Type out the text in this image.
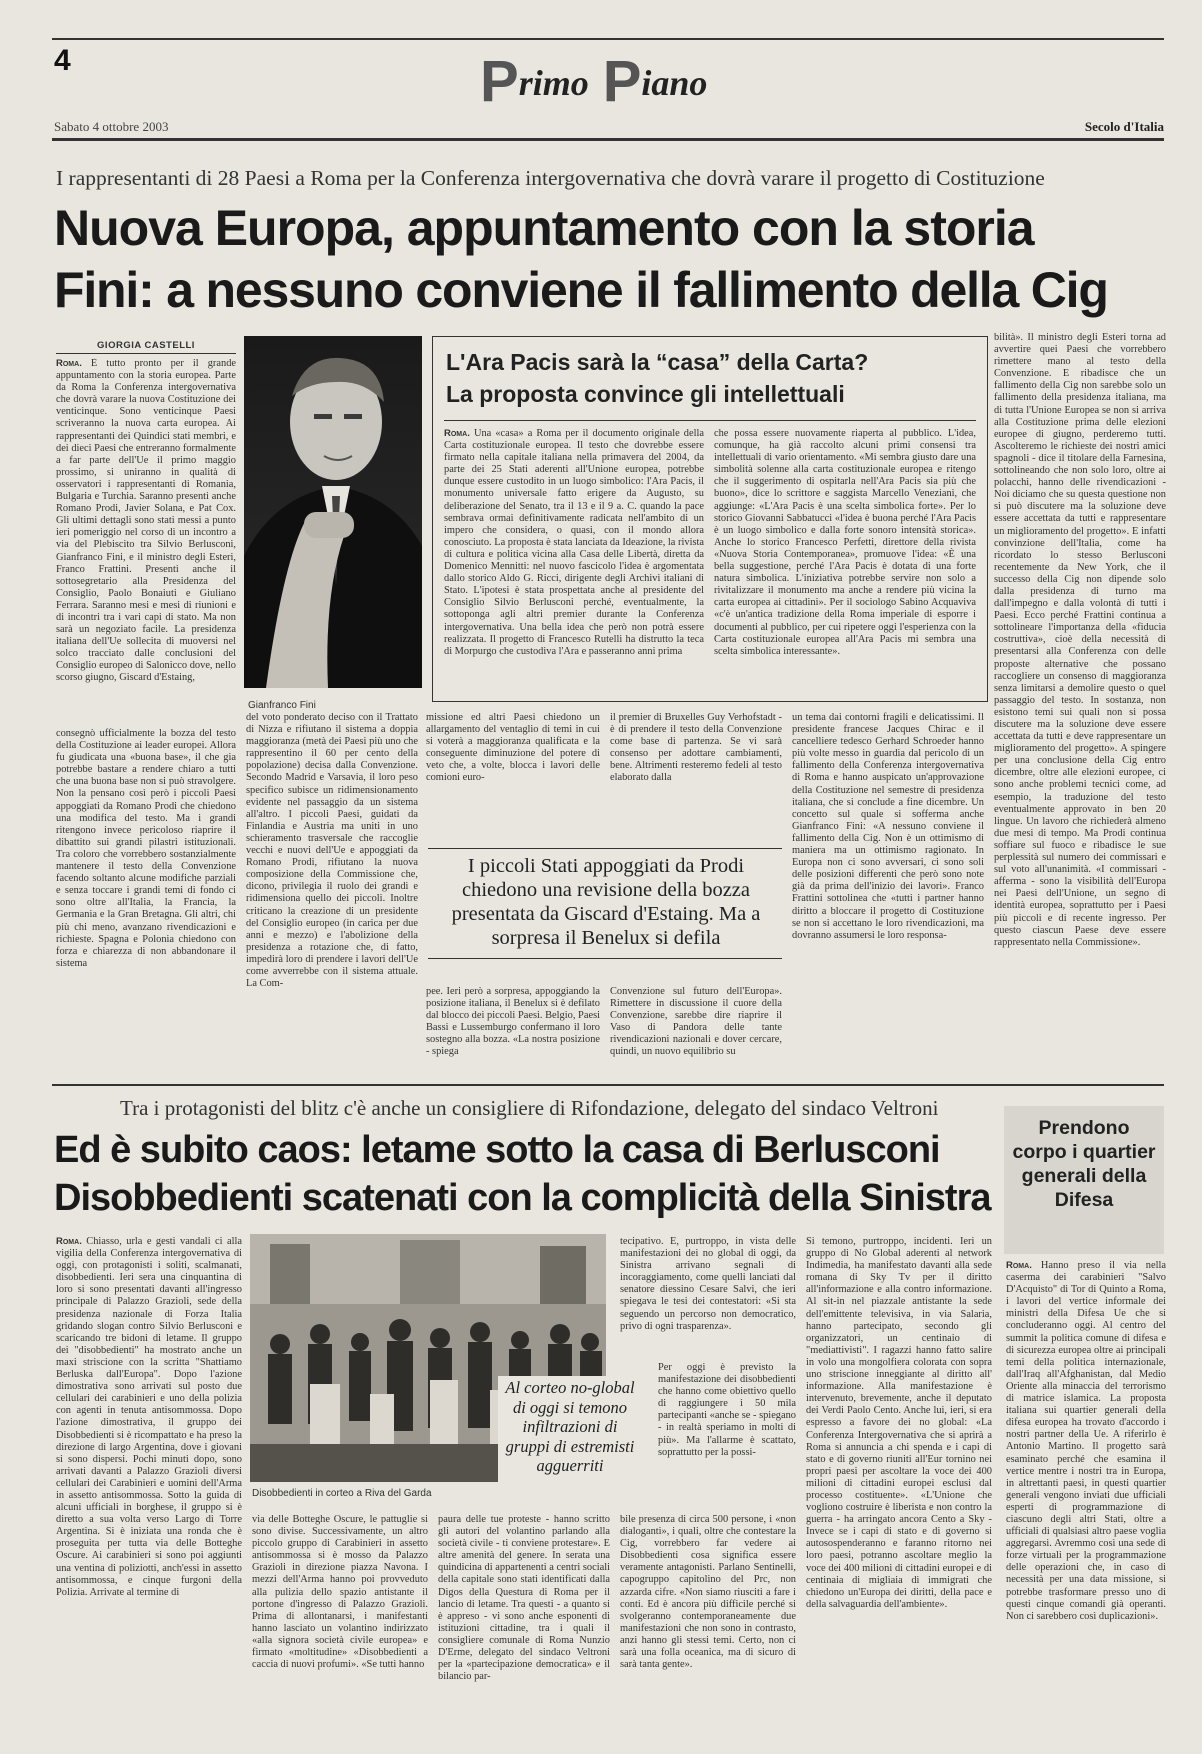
4	Primo Piano
Sabato 4 ottobre 2003	Secolo d'Italia
I rappresentanti di 28 Paesi a Roma per la Conferenza intergovernativa che dovrà varare il progetto di Costituzione
Nuova Europa, appuntamento con la storia
Fini: a nessuno conviene il fallimento della Cig
GIORGIA CASTELLI

Roma. È tutto pronto per il grande appuntamento con la storia europea. Parte da Roma la Conferenza intergovernativa che dovrà varare la nuova Costituzione dei venticinque. Sono venticinque Paesi scriveranno la nuova carta europea. Ai rappresentanti dei Quindici stati membri, e dei dieci Paesi che entreranno formalmente a far parte dell'Ue il primo maggio prossimo, si uniranno in qualità di osservatori i rappresentanti di Romania, Bulgaria e Turchia. Saranno presenti anche Romano Prodi, Javier Solana, e Pat Cox. Gli ultimi dettagli sono stati messi a punto ieri pomeriggio nel corso di un incontro a via del Plebiscito tra Silvio Berlusconi, Gianfranco Fini, e il ministro degli Esteri, Franco Frattini. Presenti anche il sottosegretario alla Presidenza del Consiglio, Paolo Bonaiuti e Giuliano Ferrara. Saranno mesi e mesi di riunioni e di incontri tra i vari capi di stato. Ma non sarà un negoziato facile. La presidenza italiana dell'Ue sollecita di muoversi nel solco tracciato dalle conclusioni del Consiglio europeo di Salonicco dove, nello scorso giugno, Giscard d'Estaing,

Gianfranco Fini

consegnò ufficialmente la bozza del testo della Costituzione ai leader europei. Allora fu giudicata una «buona base», il che gia potrebbe bastare a rendere chiaro a tutti che una buona base non si può stravolgere. Non la pensano così però i piccoli Paesi appoggiati da Romano Prodi che chiedono una modifica del testo. Ma i grandi ritengono invece pericoloso riaprire il dibattito sui grandi pilastri istituzionali. Tra coloro che vorrebbero sostanzialmente mantenere il testo della Convenzione facendo soltanto alcune modifiche parziali e senza toccare i grandi temi di fondo ci sono oltre all'Italia, la Francia, la Germania e la Gran Bretagna. Gli altri, chi più chi meno, avanzano rivendicazioni e richieste. Spagna e Polonia chiedono con forza e chiarezza di non abbandonare il sistema

L'Ara Pacis sarà la “casa” della Carta?
La proposta convince gli intellettuali

Roma. Una «casa» a Roma per il documento originale della Carta costituzionale europea. Il testo che dovrebbe essere firmato nella capitale italiana nella primavera del 2004, da parte dei 25 Stati aderenti all'Unione europea, potrebbe dunque essere custodito in un luogo simbolico: l'Ara Pacis, il monumento universale fatto erigere da Augusto, su deliberazione del Senato, tra il 13 e il 9 a. C. quando la pace sembrava ormai definitivamente radicata nell'ambito di un impero che considera, o quasi, con il mondo allora conosciuto. La proposta è stata lanciata da Ideazione, la rivista di cultura e politica vicina alla Casa delle Libertà, diretta da Domenico Mennitti: nel nuovo fascicolo l'idea è argomentata dallo storico Aldo G. Ricci, dirigente degli Archivi italiani di Stato. L'ipotesi è stata prospettata anche al presidente del Consiglio Silvio Berlusconi perché, eventualmente, la sottoponga agli altri premier durante la Conferenza intergovernativa. Una bella idea che però non potrà essere realizzata. Il progetto di Francesco Rutelli ha distrutto la teca di Morpurgo che custodiva l'Ara e passeranno anni prima

che possa essere nuovamente riaperta al pubblico. L'idea, comunque, ha già raccolto alcuni primi consensi tra intellettuali di vario orientamento. «Mi sembra giusto dare una simbolità solenne alla carta costituzionale europea e ritengo che il suggerimento di ospitarla nell'Ara Pacis sia più che buono», dice lo scrittore e saggista Marcello Veneziani, che aggiunge: «L'Ara Pacis è una scelta simbolica forte». Per lo storico Giovanni Sabbatucci «l'idea è buona perché l'Ara Pacis è un luogo simbolico e dalla forte sonoro intensità storica». Anche lo storico Francesco Perfetti, direttore della rivista «Nuova Storia Contemporanea», promuove l'idea: «È una bella suggestione, perché l'Ara Pacis è dotata di una forte natura simbolica. L'iniziativa potrebbe servire non solo a rivitalizzare il monumento ma anche a rendere più vicina la carta europea ai cittadini». Per il sociologo Sabino Acquaviva «c'è un'antica tradizione della Roma imperiale di esporre i documenti al pubblico, per cui ripetere oggi l'esperienza con la Carta costituzionale europea all'Ara Pacis mi sembra una scelta simbolica interessante».

del voto ponderato deciso con il Trattato di Nizza e rifiutano il sistema a doppia maggioranza (metà dei Paesi più uno che rappresentino il 60 per cento della popolazione) decisa dalla Convenzione. Secondo Madrid e Varsavia, il loro peso specifico subisce un ridimensionamento evidente nel passaggio da un sistema all'altro. I piccoli Paesi, guidati da Finlandia e Austria ma uniti in uno schieramento trasversale che raccoglie vecchi e nuovi dell'Ue e appoggiati da Romano Prodi, rifiutano la nuova composizione della Commissione che, dicono, privilegia il ruolo dei grandi e ridimensiona quello dei piccoli. Inoltre criticano la creazione di un presidente del Consiglio europeo (in carica per due anni e mezzo) e l'abolizione della presidenza a rotazione che, di fatto, impedirà loro di prendere i lavori dell'Ue come avverrebbe con il sistema attuale. La Com-

missione ed altri Paesi chiedono un allargamento del ventaglio di temi in cui si voterà a maggioranza qualificata e la conseguente diminuzione del potere di veto che, a volte, blocca i lavori delle comioni euro-

il premier di Bruxelles Guy Verhofstadt - è di prendere il testo della Convenzione come base di partenza. Se vi sarà consenso per adottare cambiamenti, bene. Altrimenti resteremo fedeli al testo elaborato dalla

I piccoli Stati appoggiati da Prodi chiedono una revisione della bozza presentata da Giscard d'Estaing. Ma a sorpresa il Benelux si defila

pee. Ieri però a sorpresa, appoggiando la posizione italiana, il Benelux si è defilato dal blocco dei piccoli Paesi. Belgio, Paesi Bassi e Lussemburgo confermano il loro sostegno alla bozza. «La nostra posizione - spiega

Convenzione sul futuro dell'Europa». Rimettere in discussione il cuore della Convenzione, sarebbe dire riaprire il Vaso di Pandora delle tante rivendicazioni nazionali e dover cercare, quindi, un nuovo equilibrio su

un tema dai contorni fragili e delicatissimi. Il presidente francese Jacques Chirac e il cancelliere tedesco Gerhard Schroeder hanno più volte messo in guardia dal pericolo di un fallimento della Conferenza intergovernativa di Roma e hanno auspicato un'approvazione della Costituzione nel semestre di presidenza italiana, che si conclude a fine dicembre. Un concetto sul quale si sofferma anche Gianfranco Fini: «A nessuno conviene il fallimento della Cig. Non è un ottimismo di maniera ma un ottimismo ragionato. In Europa non ci sono avversari, ci sono soli delle posizioni differenti che però sono note già da prima dell'inizio dei lavori». Franco Frattini sottolinea che «tutti i partner hanno diritto a bloccare il progetto di Costituzione se non si accettano le loro rivendicazioni, ma dovranno assumersi le loro responsa-

bilità». Il ministro degli Esteri torna ad avvertire quei Paesi che vorrebbero rimettere mano al testo della Convenzione. E ribadisce che un fallimento della Cig non sarebbe solo un fallimento della presidenza italiana, ma di tutta l'Unione Europea se non si arriva alla Costituzione prima delle elezioni europee di giugno, perderemo tutti. Ascolteremo le richieste dei nostri amici spagnoli - dice il titolare della Farnesina, sottolineando che non solo loro, oltre ai polacchi, hanno delle rivendicazioni - Noi diciamo che su questa questione non si può discutere ma la soluzione deve essere accettata da tutti e rappresentare un miglioramento del progetto». E infatti convinzione dell'Italia, come ha ricordato lo stesso Berlusconi recentemente da New York, che il successo della Cig non dipende solo dalla presidenza di turno ma dall'impegno e dalla volontà di tutti i Paesi. Ecco perché Frattini continua a sottolineare l'importanza della «fiducia costruttiva», cioè della necessità di presentarsi alla Conferenza con delle proposte alternative che possano raccogliere un consenso di maggioranza senza limitarsi a demolire questo o quel passaggio del testo. In sostanza, non esistono temi sui quali non si possa discutere ma la soluzione deve essere accettata da tutti e deve rappresentare un miglioramento del progetto». A spingere per una conclusione della Cig entro dicembre, oltre alle elezioni europee, ci sono anche problemi tecnici come, ad esempio, la traduzione del testo eventualmente approvato in ben 20 lingue. Un lavoro che richiederà almeno due mesi di tempo. Ma Prodi continua soffiare sul fuoco e ribadisce le sue perplessità sul numero dei commissari e sul voto all'unanimità. «I commissari - afferma - sono la visibilità dell'Europa nei Paesi dell'Unione, un segno di identità europea, soprattutto per i Paesi più piccoli e di recente ingresso. Per questo ciascun Paese deve essere rappresentato nella Commissione».

Tra i protagonisti del blitz c'è anche un consigliere di Rifondazione, delegato del sindaco Veltroni
Ed è subito caos: letame sotto la casa di Berlusconi
Disobbedienti scatenati con la complicità della Sinistra
Prendono corpo i quartier generali della Difesa

Roma. Chiasso, urla e gesti vandali ci alla vigilia della Conferenza intergovernativa di oggi, con protagonisti i soliti, scalmanati, disobbedienti. Ieri sera una cinquantina di loro si sono presentati davanti all'ingresso principale di Palazzo Grazioli, sede della presidenza nazionale di Forza Italia gridando slogan contro Silvio Berlusconi e scaricando tre bidoni di letame. Il gruppo dei "disobbedienti" ha mostrato anche un maxi striscione con la scritta "Shattiamo Berluska dall'Europa". Dopo l'azione dimostrativa sono arrivati sul posto due cellulari dei carabinieri e uno della polizia con agenti in tenuta antisommossa. Dopo l'azione dimostrativa, il gruppo dei Disobbedienti si è ricompattato e ha preso la direzione di largo Argentina, dove i giovani si sono dispersi. Pochi minuti dopo, sono arrivati davanti a Palazzo Grazioli diversi cellulari dei Carabinieri e uomini dell'Arma in assetto antisommossa. Sotto la guida di alcuni ufficiali in borghese, il gruppo si è diretto a sua volta verso Largo di Torre Argentina. Si è iniziata una ronda che è proseguita per tutta via delle Botteghe Oscure. Ai carabinieri si sono poi aggiunti una ventina di poliziotti, anch'essi in assetto antisommossa, e cinque furgoni della Polizia. Arrivate al termine di

Disobbedienti in corteo a Riva del Garda
Al corteo no-global di oggi si temono infiltrazioni di gruppi di estremisti agguerriti

via delle Botteghe Oscure, le pattuglie si sono divise. Successivamente, un altro piccolo gruppo di Carabinieri in assetto antisommossa si è mosso da Palazzo Grazioli in direzione piazza Navona. I mezzi dell'Arma hanno poi provveduto alla pulizia dello spazio antistante il portone d'ingresso di Palazzo Grazioli. Prima di allontanarsi, i manifestanti hanno lasciato un volantino indirizzato «alla signora società civile europea» e firmato «moltitudine» «Disobbedienti a caccia di nuovi profumi». «Se tutti hanno

paura delle tue proteste - hanno scritto gli autori del volantino parlando alla società civile - ti conviene protestare». E altre amenità del genere. In serata una quindicina di appartenenti a centri sociali della capitale sono stati identificati dalla Digos della Questura di Roma per il lancio di letame. Tra questi - a quanto si è appreso - vi sono anche esponenti di istituzioni cittadine, tra i quali il consigliere comunale di Roma Nunzio D'Erme, delegato del sindaco Veltroni per la «partecipazione democratica» e il bilancio par-

tecipativo. E, purtroppo, in vista delle manifestazioni dei no global di oggi, da Sinistra arrivano segnali di incoraggiamento, come quelli lanciati dal senatore diessino Cesare Salvi, che ieri spiegava le tesi dei contestatori: «Si sta seguendo un percorso non democratico, privo di ogni trasparenza».

Per oggi è previsto la manifestazione dei disobbedienti che hanno come obiettivo quello di raggiungere i 50 mila partecipanti «anche se - spiegano - in realtà speriamo in molti di più». Ma l'allarme è scattato, soprattutto per la possi-

bile presenza di circa 500 persone, i «non dialoganti», i quali, oltre che contestare la Cig, vorrebbero far vedere ai Disobbedienti cosa significa essere veramente antagonisti. Parlano Sentinelli, capogruppo capitolino del Prc, non azzarda cifre. «Non siamo riusciti a fare i conti. Ed è ancora più difficile perché si svolgeranno contemporaneamente due manifestazioni che non sono in contrasto, anzi hanno gli stessi temi. Certo, non ci sarà una folla oceanica, ma di sicuro di sarà tanta gente».

Si temono, purtroppo, incidenti. Ieri un gruppo di No Global aderenti al network Indimedia, ha manifestato davanti alla sede romana di Sky Tv per il diritto all'informazione e alla contro informazione. Al sit-in nel piazzale antistante la sede dell'emittente televisiva, in via Salaria, hanno partecipato, secondo gli organizzatori, un centinaio di "mediattivisti". I ragazzi hanno fatto salire in volo una mongolfiera colorata con sopra uno striscione inneggiante al diritto all' informazione. Alla manifestazione è intervenuto, brevemente, anche il deputato dei Verdi Paolo Cento. Anche lui, ieri, si era espresso a favore dei no global: «La Conferenza Intergovernativa che si aprirà a Roma si annuncia a chi spenda e i capi di stato e di governo riuniti all'Eur tornino nei propri paesi per ascoltare la voce dei 400 milioni di cittadini europei esclusi dal processo costituente». «L'Unione che vogliono costruire è liberista e non contro la guerra - ha arringato ancora Cento a Sky - Invece se i capi di stato e di governo si autosospenderanno e faranno ritorno nei loro paesi, potranno ascoltare meglio la voce dei 400 milioni di cittadini europei e di centinaia di migliaia di immigrati che chiedono un'Europa dei diritti, della pace e della salvaguardia dell'ambiente».

Roma. Hanno preso il via nella caserma dei carabinieri "Salvo D'Acquisto" di Tor di Quinto a Roma, i lavori del vertice informale dei ministri della Difesa Ue che si concluderanno oggi. Al centro del summit la politica comune di difesa e di sicurezza europea oltre ai principali temi della politica internazionale, dall'Iraq all'Afghanistan, dal Medio Oriente alla minaccia del terrorismo di matrice islamica. La proposta italiana sui quartier generali della difesa europea ha trovato d'accordo i nostri partner della Ue. A riferirlo è Antonio Martino. Il progetto sarà esaminato perché che esamina il vertice mentre i nostri tra in Europa, in altrettanti paesi, in questi quartier generali vengono inviati due ufficiali esperti di programmazione di ciascuno degli altri Stati, oltre a ufficiali di qualsiasi altro paese voglia aggregarsi. Avremmo così una sede di forze virtuali per la programmazione delle operazioni che, in caso di necessità per una data missione, si potrebbe trasformare presso uno di questi cinque comandi già operanti. Non ci sarebbero così duplicazioni».
